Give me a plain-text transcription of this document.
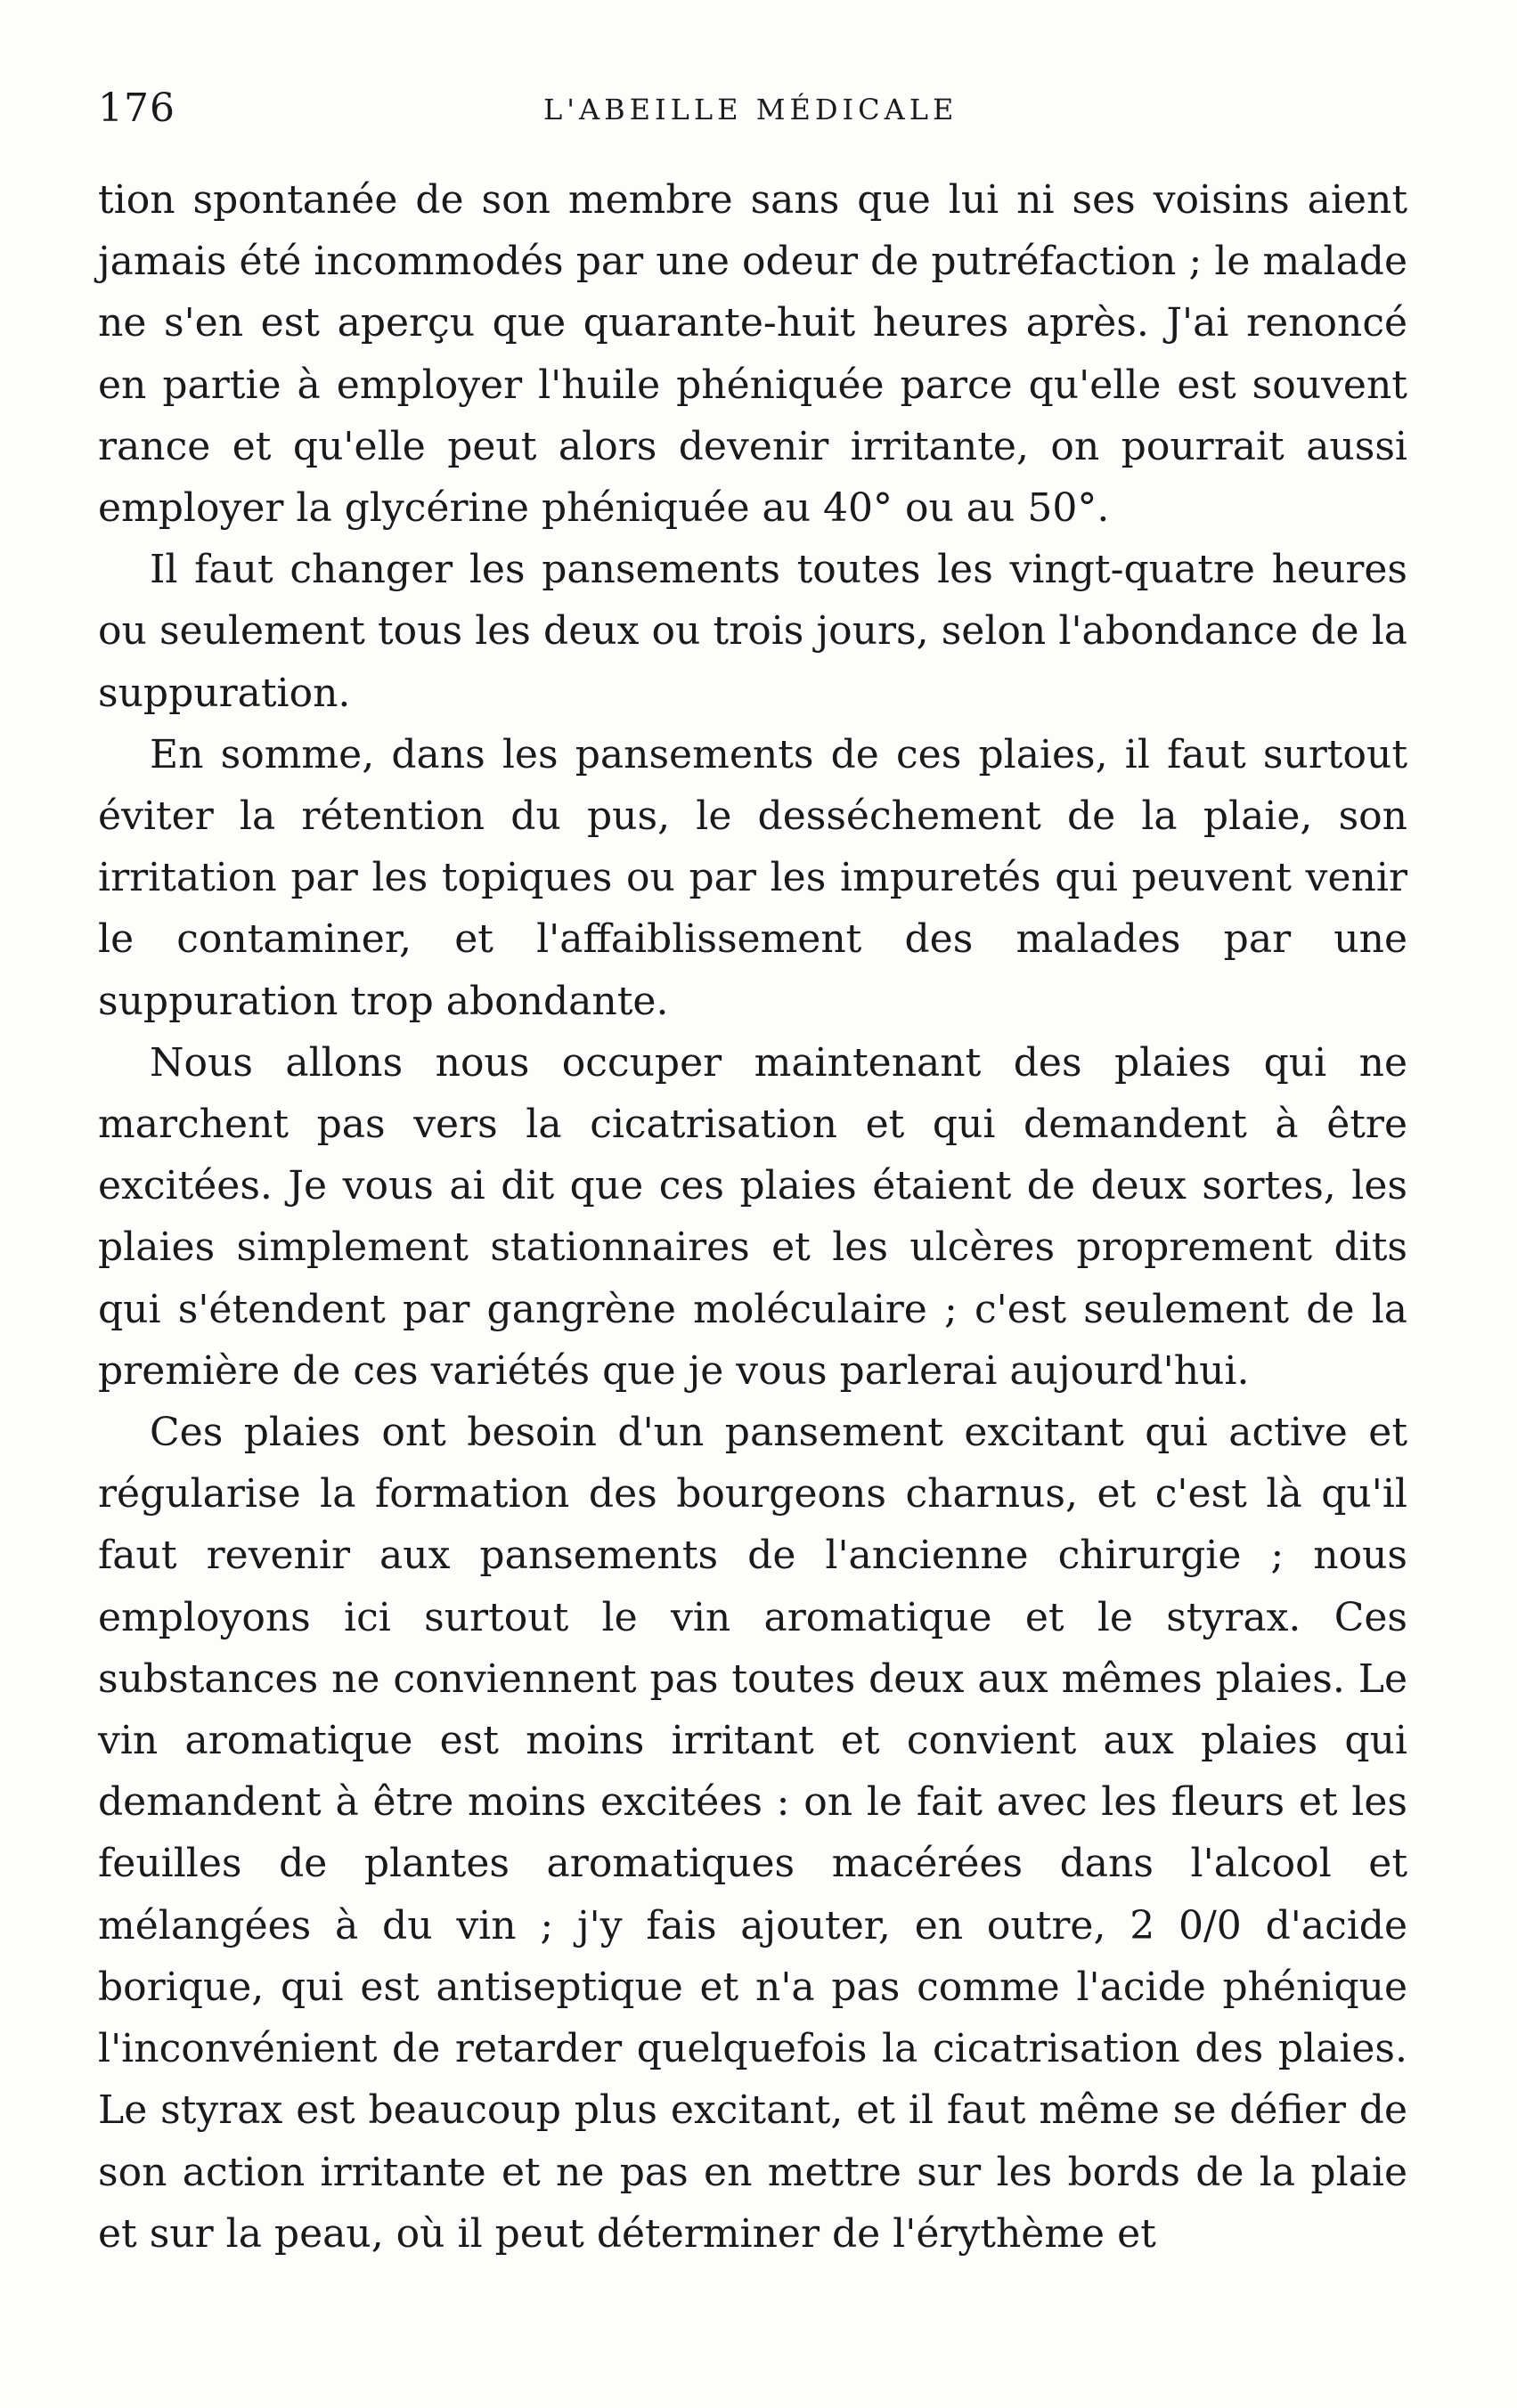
176	L'ABEILLE MÉDICALE

tion spontanée de son membre sans que lui ni ses voisins aient jamais été incommodés par une odeur de putréfaction ; le malade ne s'en est aperçu que quarante-huit heures après. J'ai renoncé en partie à employer l'huile phéniquée parce qu'elle est souvent rance et qu'elle peut alors devenir irritante, on pourrait aussi employer la glycérine phéniquée au 40° ou au 50°.

Il faut changer les pansements toutes les vingt-quatre heures ou seulement tous les deux ou trois jours, selon l'abondance de la suppuration.

En somme, dans les pansements de ces plaies, il faut surtout éviter la rétention du pus, le desséchement de la plaie, son irritation par les topiques ou par les impuretés qui peuvent venir le contaminer, et l'affaiblissement des malades par une suppuration trop abondante.

Nous allons nous occuper maintenant des plaies qui ne marchent pas vers la cicatrisation et qui demandent à être excitées. Je vous ai dit que ces plaies étaient de deux sortes, les plaies simplement stationnaires et les ulcères proprement dits qui s'étendent par gangrène moléculaire ; c'est seulement de la première de ces variétés que je vous parlerai aujourd'hui.

Ces plaies ont besoin d'un pansement excitant qui active et régularise la formation des bourgeons charnus, et c'est là qu'il faut revenir aux pansements de l'ancienne chirurgie ; nous employons ici surtout le vin aromatique et le styrax. Ces substances ne conviennent pas toutes deux aux mêmes plaies. Le vin aromatique est moins irritant et convient aux plaies qui demandent à être moins excitées : on le fait avec les fleurs et les feuilles de plantes aromatiques macérées dans l'alcool et mélangées à du vin ; j'y fais ajouter, en outre, 2 0/0 d'acide borique, qui est antiseptique et n'a pas comme l'acide phénique l'inconvénient de retarder quelquefois la cicatrisation des plaies. Le styrax est beaucoup plus excitant, et il faut même se défier de son action irritante et ne pas en mettre sur les bords de la plaie et sur la peau, où il peut déterminer de l'érythème et
